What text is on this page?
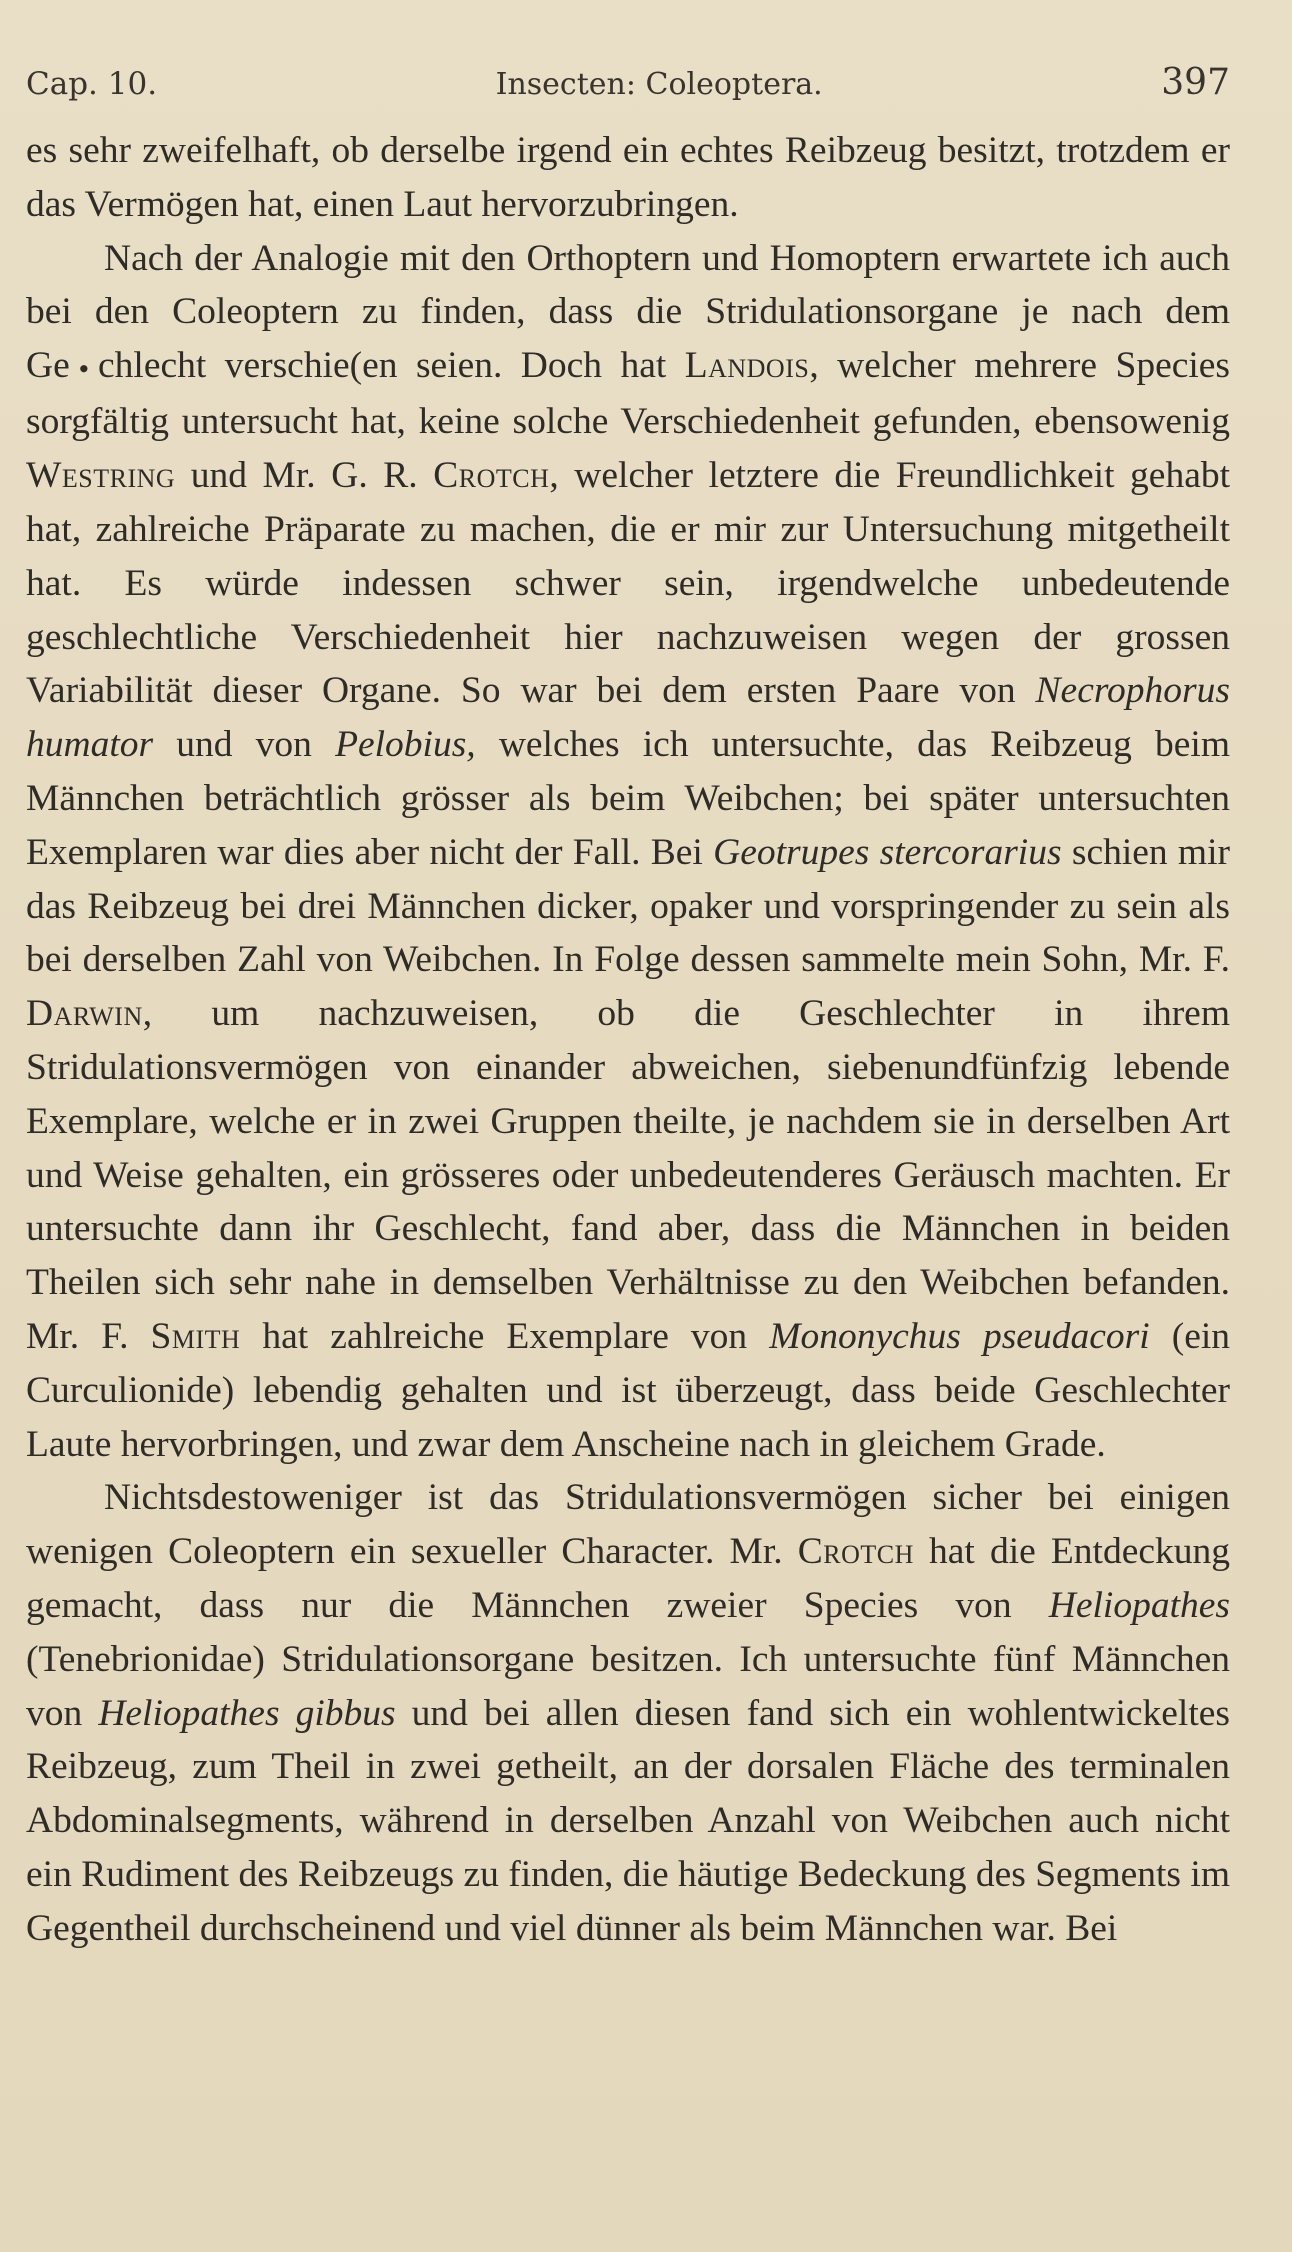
Cap. 10.	Insecten: Coleoptera.	397

es sehr zweifelhaft, ob derselbe irgend ein echtes Reibzeug besitzt, trotzdem er das Vermögen hat, einen Laut hervorzubringen.

Nach der Analogie mit den Orthoptern und Homoptern erwartete ich auch bei den Coleoptern zu finden, dass die Stridulationsorgane je nach dem Ge●chlecht verschie(en seien. Doch hat Landois, welcher mehrere Species sorgfältig untersucht hat, keine solche Verschiedenheit gefunden, ebensowenig Westring und Mr. G. R. Crotch, welcher letztere die Freundlichkeit gehabt hat, zahlreiche Präparate zu machen, die er mir zur Untersuchung mitgetheilt hat. Es würde indessen schwer sein, irgendwelche unbedeutende geschlechtliche Verschiedenheit hier nachzuweisen wegen der grossen Variabilität dieser Organe. So war bei dem ersten Paare von Necrophorus humator und von Pelobius, welches ich untersuchte, das Reibzeug beim Männchen beträchtlich grösser als beim Weibchen; bei später untersuchten Exemplaren war dies aber nicht der Fall. Bei Geotrupes stercorarius schien mir das Reibzeug bei drei Männchen dicker, opaker und vorspringender zu sein als bei derselben Zahl von Weibchen. In Folge dessen sammelte mein Sohn, Mr. F. Darwin, um nachzuweisen, ob die Geschlechter in ihrem Stridulationsvermögen von einander abweichen, siebenundfünfzig lebende Exemplare, welche er in zwei Gruppen theilte, je nachdem sie in derselben Art und Weise gehalten, ein grösseres oder unbedeutenderes Geräusch machten. Er untersuchte dann ihr Geschlecht, fand aber, dass die Männchen in beiden Theilen sich sehr nahe in demselben Verhältnisse zu den Weibchen befanden. Mr. F. Smith hat zahlreiche Exemplare von Mononychus pseudacori (ein Curculionide) lebendig gehalten und ist überzeugt, dass beide Geschlechter Laute hervorbringen, und zwar dem Anscheine nach in gleichem Grade.

Nichtsdestoweniger ist das Stridulationsvermögen sicher bei einigen wenigen Coleoptern ein sexueller Character. Mr. Crotch hat die Entdeckung gemacht, dass nur die Männchen zweier Species von Heliopathes (Tenebrionidae) Stridulationsorgane besitzen. Ich untersuchte fünf Männchen von Heliopathes gibbus und bei allen diesen fand sich ein wohlentwickeltes Reibzeug, zum Theil in zwei getheilt, an der dorsalen Fläche des terminalen Abdominalsegments, während in derselben Anzahl von Weibchen auch nicht ein Rudiment des Reibzeugs zu finden, die häutige Bedeckung des Segments im Gegentheil durchscheinend und viel dünner als beim Männchen war. Bei
